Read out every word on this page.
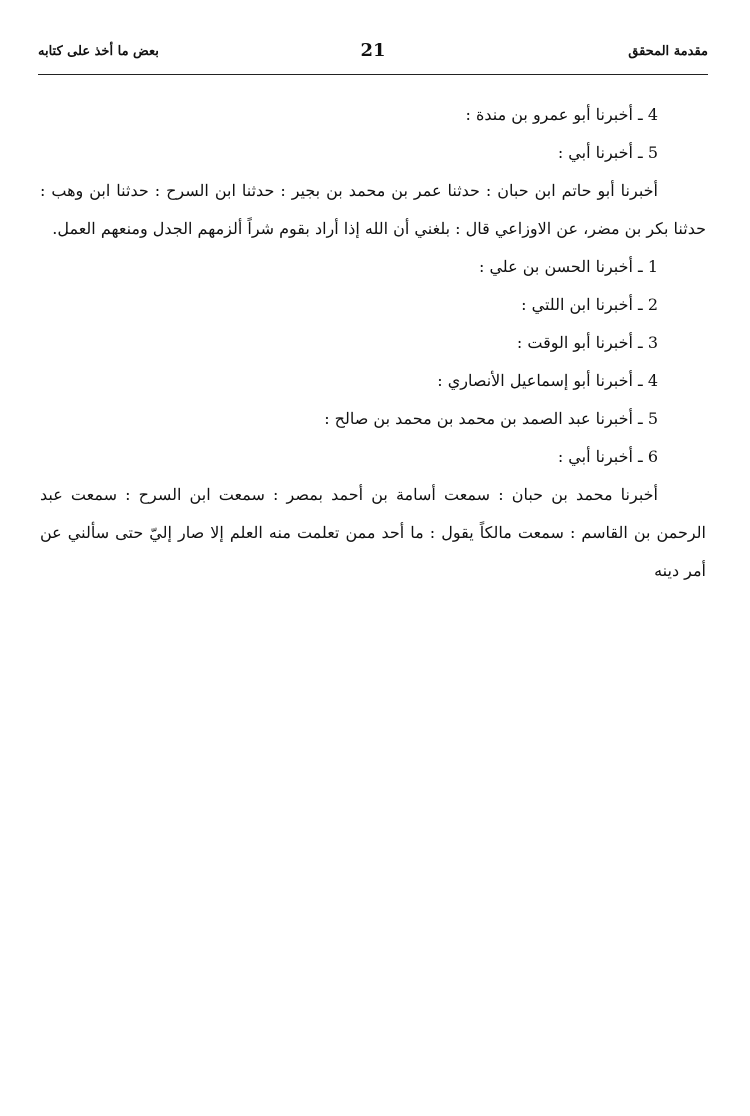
بعض ما أخذ على كتابه	21	مقدمة المحقق
4 ـ أخبرنا أبو عمرو بن مندة :
5 ـ أخبرنا أبي :
أخبرنا أبو حاتم ابن حبان : حدثنا عمر بن محمد بن بجير : حدثنا ابن السرح : حدثنا ابن وهب : حدثنا بكر بن مضر، عن الاوزاعي قال : بلغني أن الله إذا أراد بقوم شراً ألزمهم الجدل ومنعهم العمل.
1 ـ أخبرنا الحسن بن علي :
2 ـ أخبرنا ابن اللتي :
3 ـ أخبرنا أبو الوقت :
4 ـ أخبرنا أبو إسماعيل الأنصاري :
5 ـ أخبرنا عبد الصمد بن محمد بن محمد بن صالح :
6 ـ أخبرنا أبي :
أخبرنا محمد بن حبان : سمعت أسامة بن أحمد بمصر : سمعت ابن السرح : سمعت عبد الرحمن بن القاسم : سمعت مالكاً يقول : ما أحد ممن تعلمت منه العلم إلا صار إليّ حتى سألني عن أمر دينه
